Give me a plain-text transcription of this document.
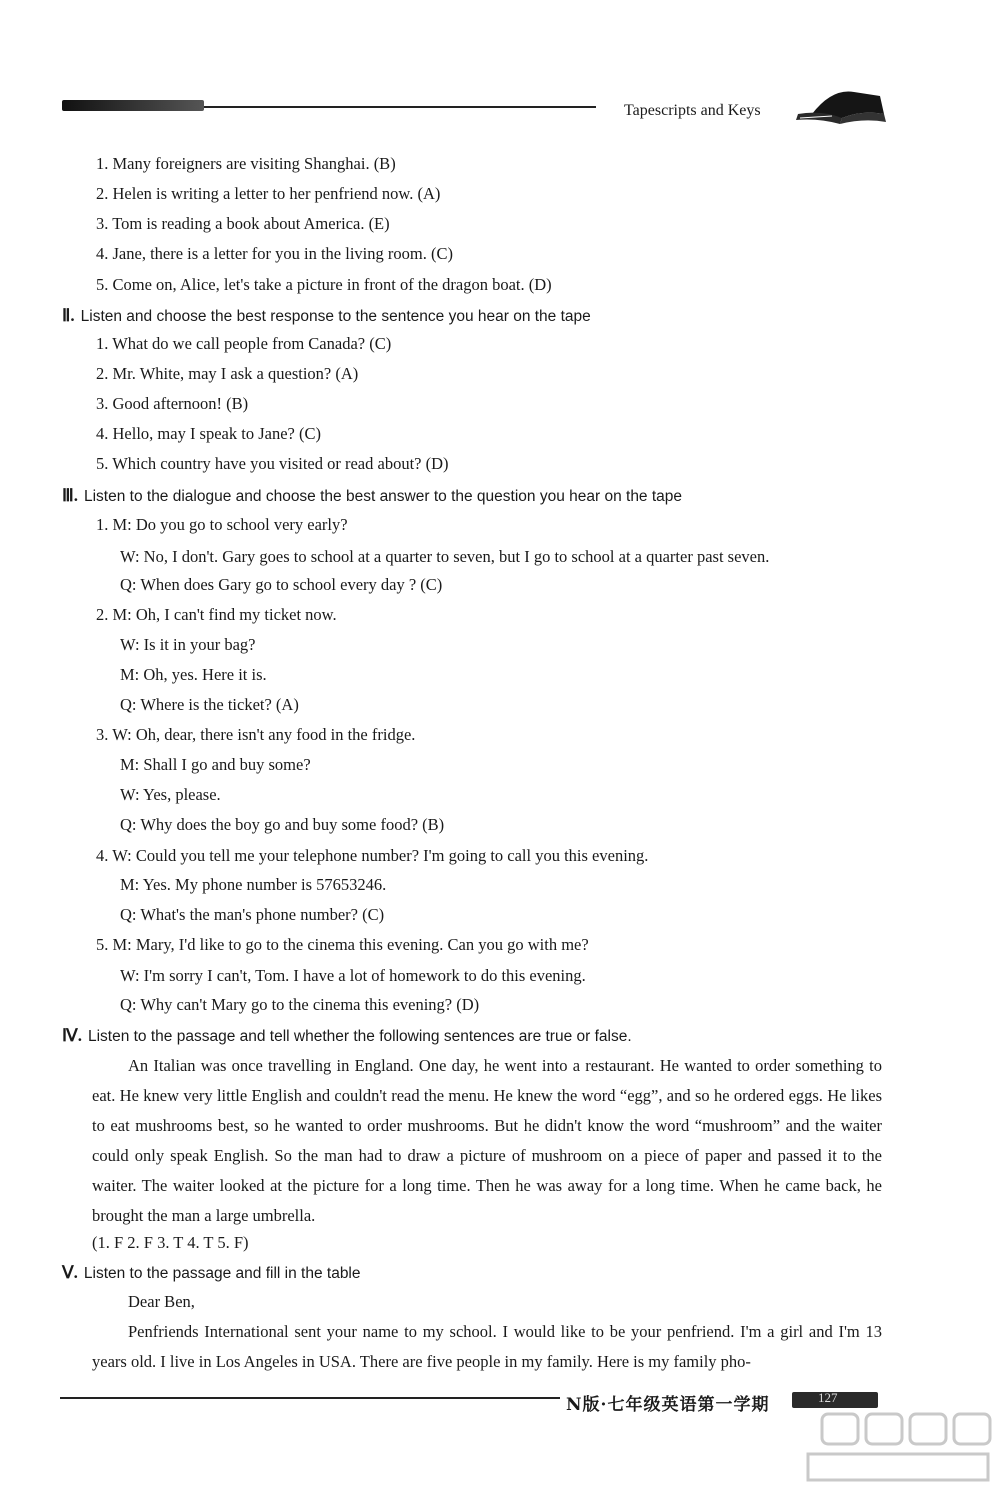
Tapescripts and Keys
1. Many foreigners are visiting Shanghai. (B)
2. Helen is writing a letter to her penfriend now. (A)
3. Tom is reading a book about America. (E)
4. Jane, there is a letter for you in the living room. (C)
5. Come on, Alice, let's take a picture in front of the dragon boat. (D)
Ⅱ. Listen and choose the best response to the sentence you hear on the tape
1. What do we call people from Canada? (C)
2. Mr. White, may I ask a question? (A)
3. Good afternoon! (B)
4. Hello, may I speak to Jane? (C)
5. Which country have you visited or read about? (D)
Ⅲ. Listen to the dialogue and choose the best answer to the question you hear on the tape
1. M: Do you go to school very early?
W: No, I don't. Gary goes to school at a quarter to seven, but I go to school at a quarter past seven.
Q: When does Gary go to school every day ? (C)
2. M: Oh, I can't find my ticket now.
W: Is it in your bag?
M: Oh, yes. Here it is.
Q: Where is the ticket? (A)
3. W: Oh, dear, there isn't any food in the fridge.
M: Shall I go and buy some?
W: Yes, please.
Q: Why does the boy go and buy some food? (B)
4. W: Could you tell me your telephone number? I'm going to call you this evening.
M: Yes. My phone number is 57653246.
Q: What's the man's phone number? (C)
5. M: Mary, I'd like to go to the cinema this evening. Can you go with me?
W: I'm sorry I can't, Tom. I have a lot of homework to do this evening.
Q: Why can't Mary go to the cinema this evening? (D)
Ⅳ. Listen to the passage and tell whether the following sentences are true or false.
An Italian was once travelling in England. One day, he went into a restaurant. He wanted to order something to eat. He knew very little English and couldn't read the menu. He knew the word “egg”, and so he ordered eggs. He likes to eat mushrooms best, so he wanted to order mushrooms. But he didn't know the word “mushroom” and the waiter could only speak English. So the man had to draw a picture of mushroom on a piece of paper and passed it to the waiter. The waiter looked at the picture for a long time. Then he was away for a long time. When he came back, he brought the man a large umbrella.
(1. F 2. F 3. T 4. T 5. F)
Ⅴ. Listen to the passage and fill in the table
Dear Ben,
Penfriends International sent your name to my school. I would like to be your penfriend. I'm a girl and I'm 13 years old. I live in Los Angeles in USA. There are five people in my family. Here is my family pho-
N版·七年级英语第一学期	127
